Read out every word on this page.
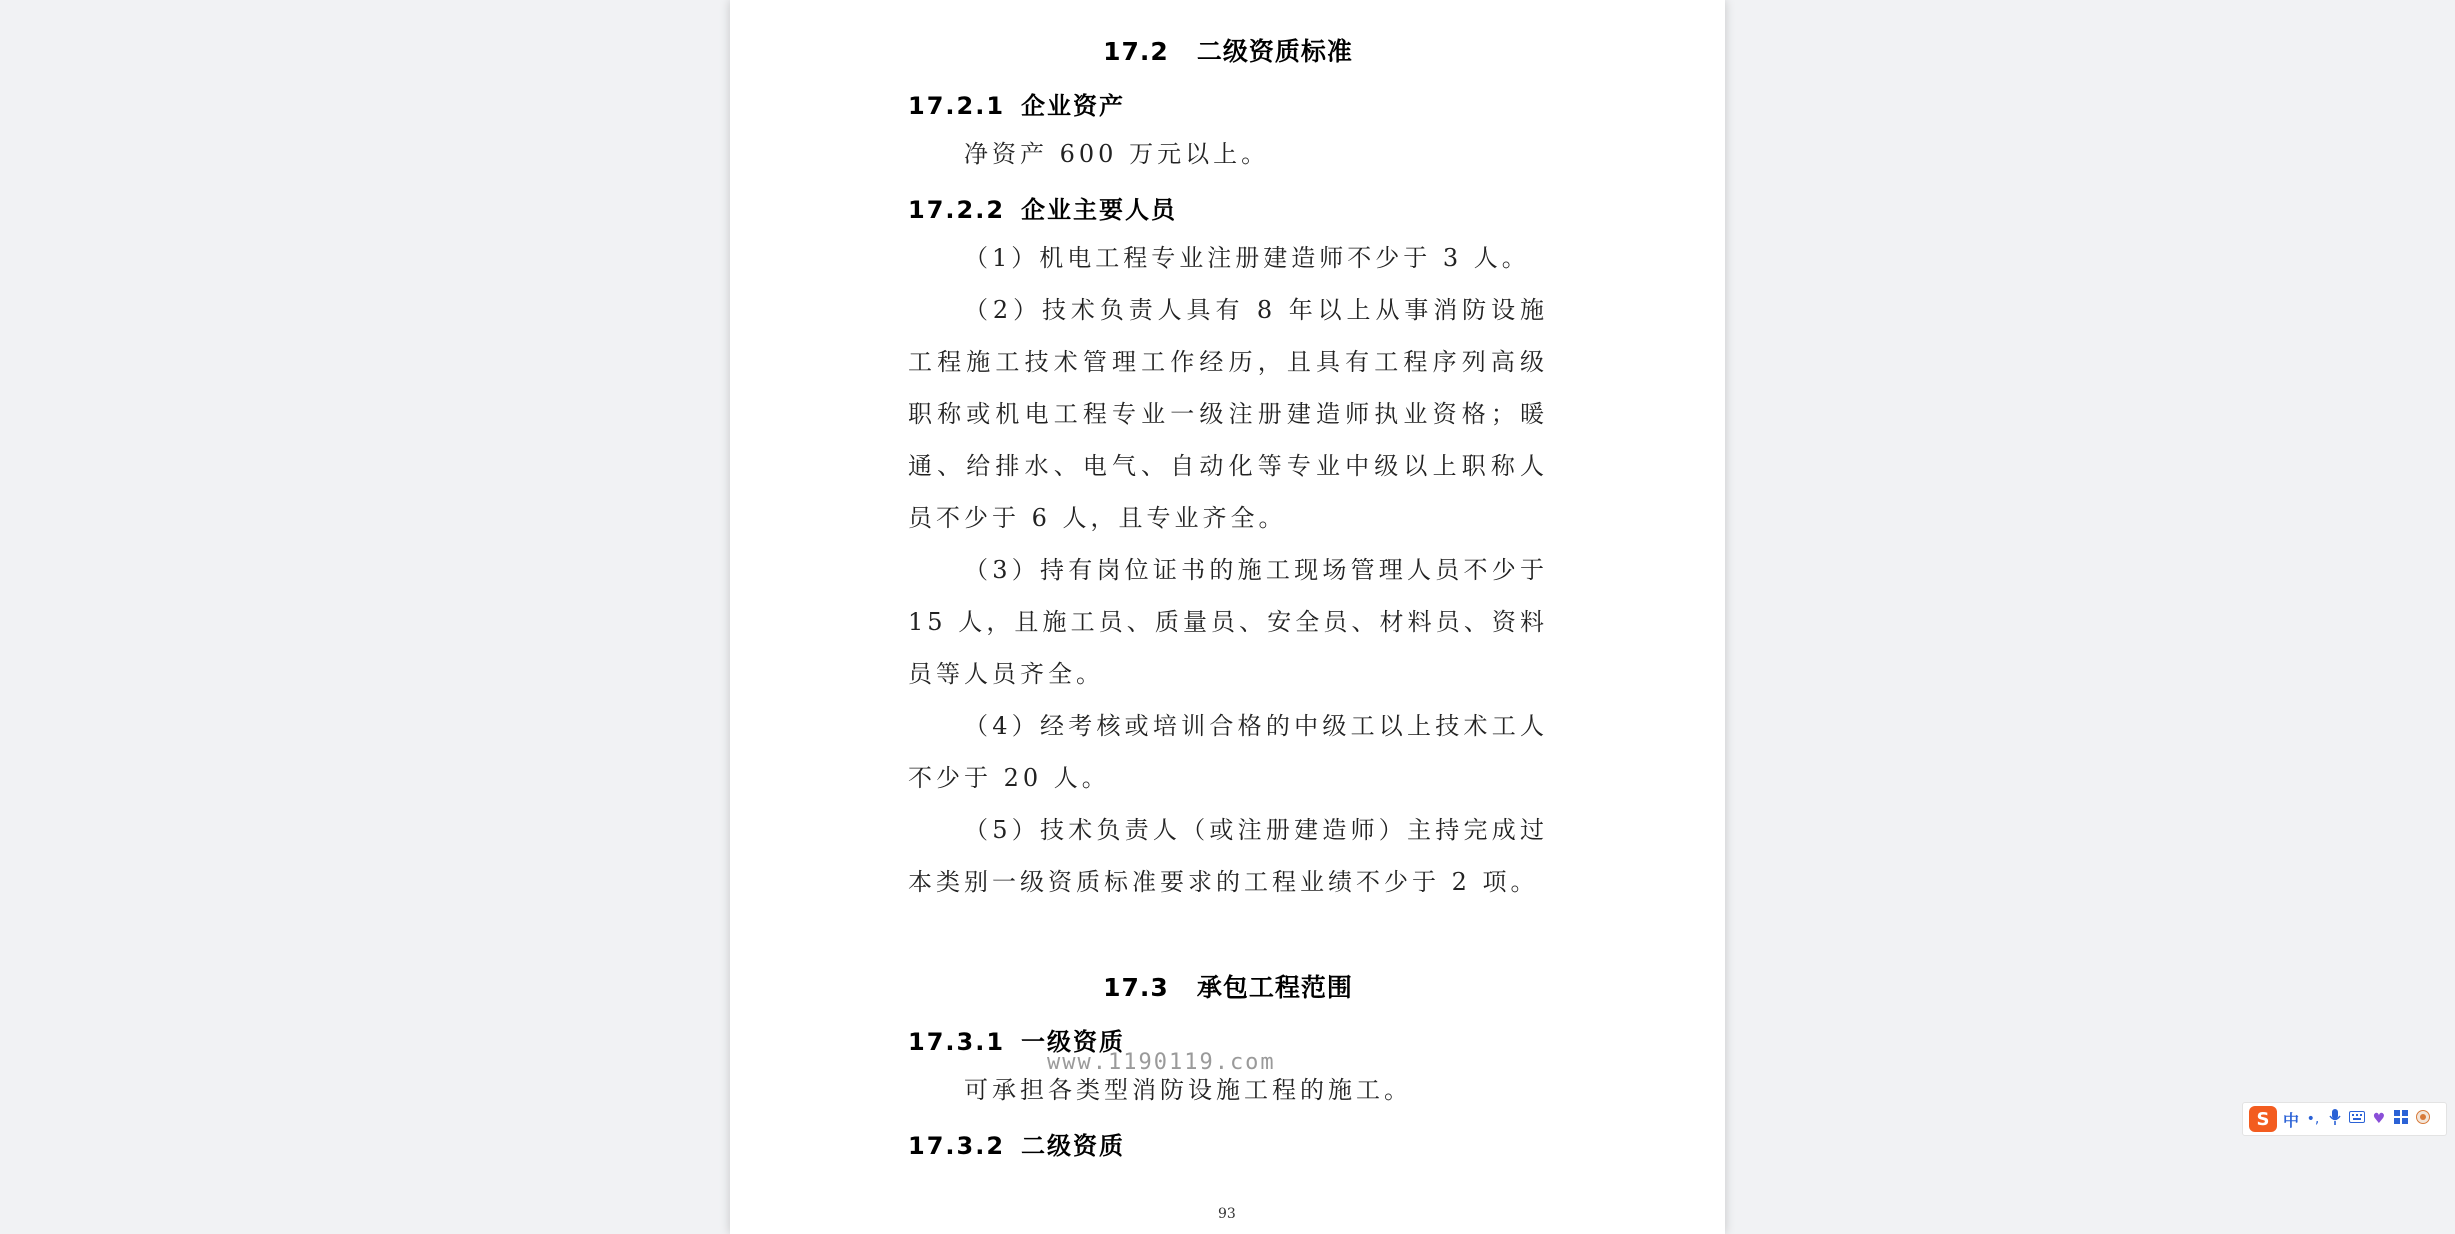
17.2 二级资质标准
17.2.1 企业资产

净资产 600 万元以上。

17.2.2 企业主要人员

（1）机电工程专业注册建造师不少于 3 人。

（2）技术负责人具有 8 年以上从事消防设施工程施工技术管理工作经历，且具有工程序列高级职称或机电工程专业一级注册建造师执业资格；暖通、给排水、电气、自动化等专业中级以上职称人员不少于 6 人，且专业齐全。

（3）持有岗位证书的施工现场管理人员不少于 15 人，且施工员、质量员、安全员、材料员、资料员等人员齐全。

（4）经考核或培训合格的中级工以上技术工人不少于 20 人。

（5）技术负责人（或注册建造师）主持完成过本类别一级资质标准要求的工程业绩不少于 2 项。

17.3 承包工程范围
17.3.1 一级资质

可承担各类型消防设施工程的施工。

17.3.2 二级资质
www.1190119.com
93
S 中 •,	♥
